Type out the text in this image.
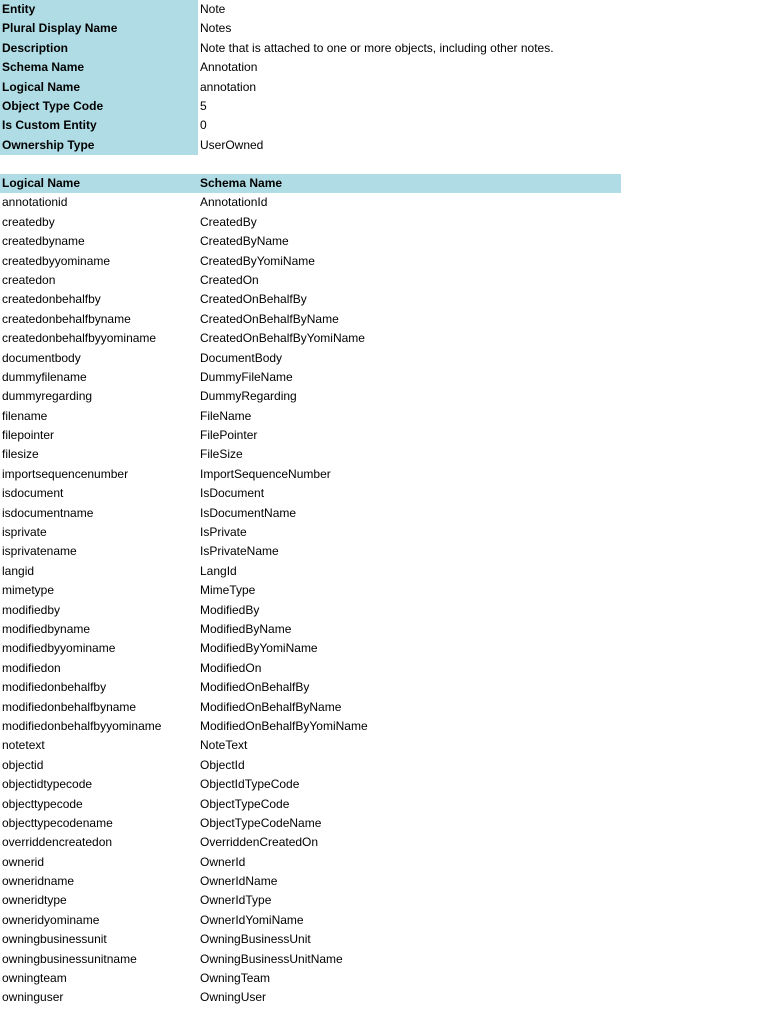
Entity	Note
Plural Display Name	Notes
Description	Note that is attached to one or more objects, including other notes.
Schema Name	Annotation
Logical Name	annotation
Object Type Code	5
Is Custom Entity	0
Ownership Type	UserOwned
Logical Name	Schema Name
annotationid	AnnotationId
createdby	CreatedBy
createdbyname	CreatedByName
createdbyyominame	CreatedByYomiName
createdon	CreatedOn
createdonbehalfby	CreatedOnBehalfBy
createdonbehalfbyname	CreatedOnBehalfByName
createdonbehalfbyyominame	CreatedOnBehalfByYomiName
documentbody	DocumentBody
dummyfilename	DummyFileName
dummyregarding	DummyRegarding
filename	FileName
filepointer	FilePointer
filesize	FileSize
importsequencenumber	ImportSequenceNumber
isdocument	IsDocument
isdocumentname	IsDocumentName
isprivate	IsPrivate
isprivatename	IsPrivateName
langid	LangId
mimetype	MimeType
modifiedby	ModifiedBy
modifiedbyname	ModifiedByName
modifiedbyyominame	ModifiedByYomiName
modifiedon	ModifiedOn
modifiedonbehalfby	ModifiedOnBehalfBy
modifiedonbehalfbyname	ModifiedOnBehalfByName
modifiedonbehalfbyyominame	ModifiedOnBehalfByYomiName
notetext	NoteText
objectid	ObjectId
objectidtypecode	ObjectIdTypeCode
objecttypecode	ObjectTypeCode
objecttypecodename	ObjectTypeCodeName
overriddencreatedon	OverriddenCreatedOn
ownerid	OwnerId
owneridname	OwnerIdName
owneridtype	OwnerIdType
owneridyominame	OwnerIdYomiName
owningbusinessunit	OwningBusinessUnit
owningbusinessunitname	OwningBusinessUnitName
owningteam	OwningTeam
owninguser	OwningUser
